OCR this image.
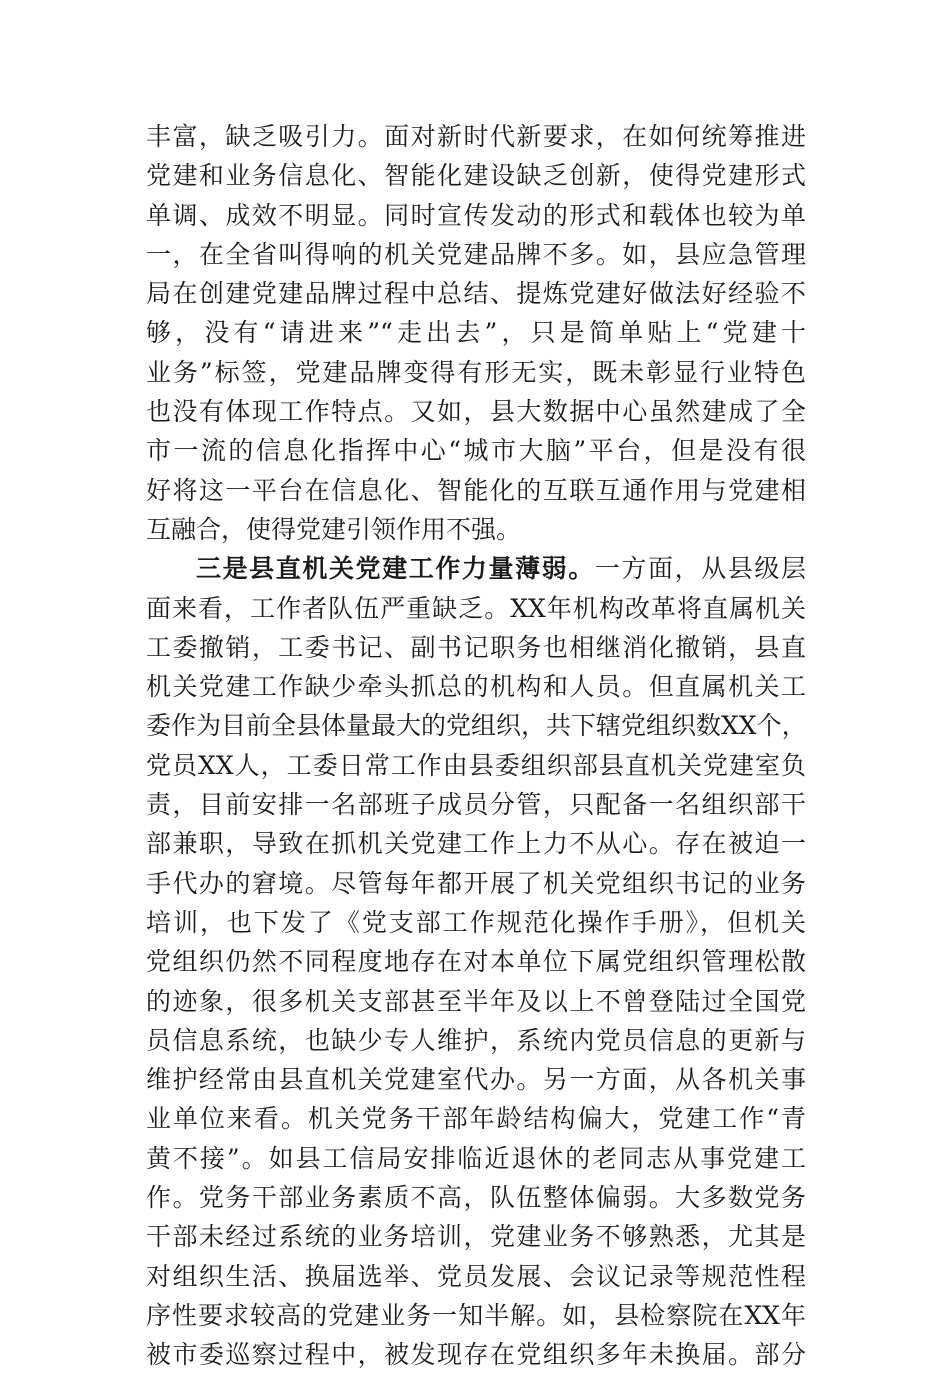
丰富，缺乏吸引力。面对新时代新要求，在如何统筹推进
党建和业务信息化、智能化建设缺乏创新，使得党建形式
单调、成效不明显。同时宣传发动的形式和载体也较为单
一，在全省叫得响的机关党建品牌不多。如，县应急管理
局在创建党建品牌过程中总结、提炼党建好做法好经验不
够，没有“请进来”“走出去”，只是简单贴上“党建十
业务”标签，党建品牌变得有形无实，既未彰显行业特色
也没有体现工作特点。又如，县大数据中心虽然建成了全
市一流的信息化指挥中心“城市大脑”平台，但是没有很
好将这一平台在信息化、智能化的互联互通作用与党建相
互融合，使得党建引领作用不强。
三是县直机关党建工作力量薄弱。一方面，从县级层
面来看，工作者队伍严重缺乏。XX年机构改革将直属机关
工委撤销，工委书记、副书记职务也相继消化撤销，县直
机关党建工作缺少牵头抓总的机构和人员。但直属机关工
委作为目前全县体量最大的党组织，共下辖党组织数XX个，
党员XX人，工委日常工作由县委组织部县直机关党建室负
责，目前安排一名部班子成员分管，只配备一名组织部干
部兼职，导致在抓机关党建工作上力不从心。存在被迫一
手代办的窘境。尽管每年都开展了机关党组织书记的业务
培训，也下发了《党支部工作规范化操作手册》，但机关
党组织仍然不同程度地存在对本单位下属党组织管理松散
的迹象，很多机关支部甚至半年及以上不曾登陆过全国党
员信息系统，也缺少专人维护，系统内党员信息的更新与
维护经常由县直机关党建室代办。另一方面，从各机关事
业单位来看。机关党务干部年龄结构偏大，党建工作“青
黄不接”。如县工信局安排临近退休的老同志从事党建工
作。党务干部业务素质不高，队伍整体偏弱。大多数党务
干部未经过系统的业务培训，党建业务不够熟悉，尤其是
对组织生活、换届选举、党员发展、会议记录等规范性程
序性要求较高的党建业务一知半解。如，县检察院在XX年
被市委巡察过程中，被发现存在党组织多年未换届。部分
